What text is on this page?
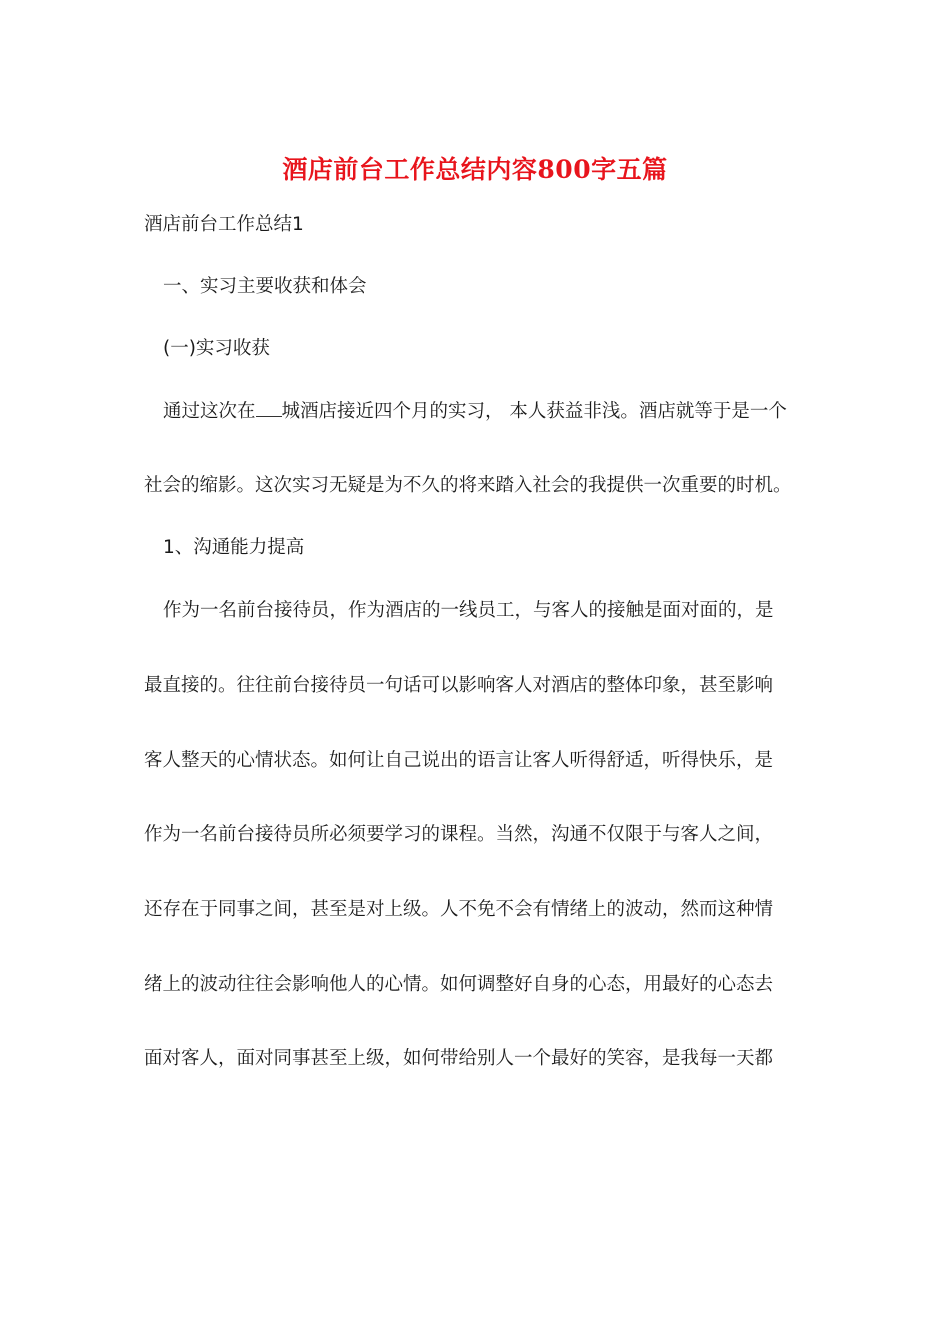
酒店前台工作总结内容800字五篇
酒店前台工作总结1
一、实习主要收获和体会
(一)实习收获
通过这次在 城酒店接近四个月的实习， 本人获益非浅。酒店就等于是一个
社会的缩影。这次实习无疑是为不久的将来踏入社会的我提供一次重要的时机。
1、沟通能力提高
作为一名前台接待员，作为酒店的一线员工，与客人的接触是面对面的，是
最直接的。往往前台接待员一句话可以影响客人对酒店的整体印象，甚至影响
客人整天的心情状态。如何让自己说出的语言让客人听得舒适，听得快乐，是
作为一名前台接待员所必须要学习的课程。当然，沟通不仅限于与客人之间，
还存在于同事之间，甚至是对上级。人不免不会有情绪上的波动，然而这种情
绪上的波动往往会影响他人的心情。如何调整好自身的心态，用最好的心态去
面对客人，面对同事甚至上级，如何带给别人一个最好的笑容，是我每一天都
